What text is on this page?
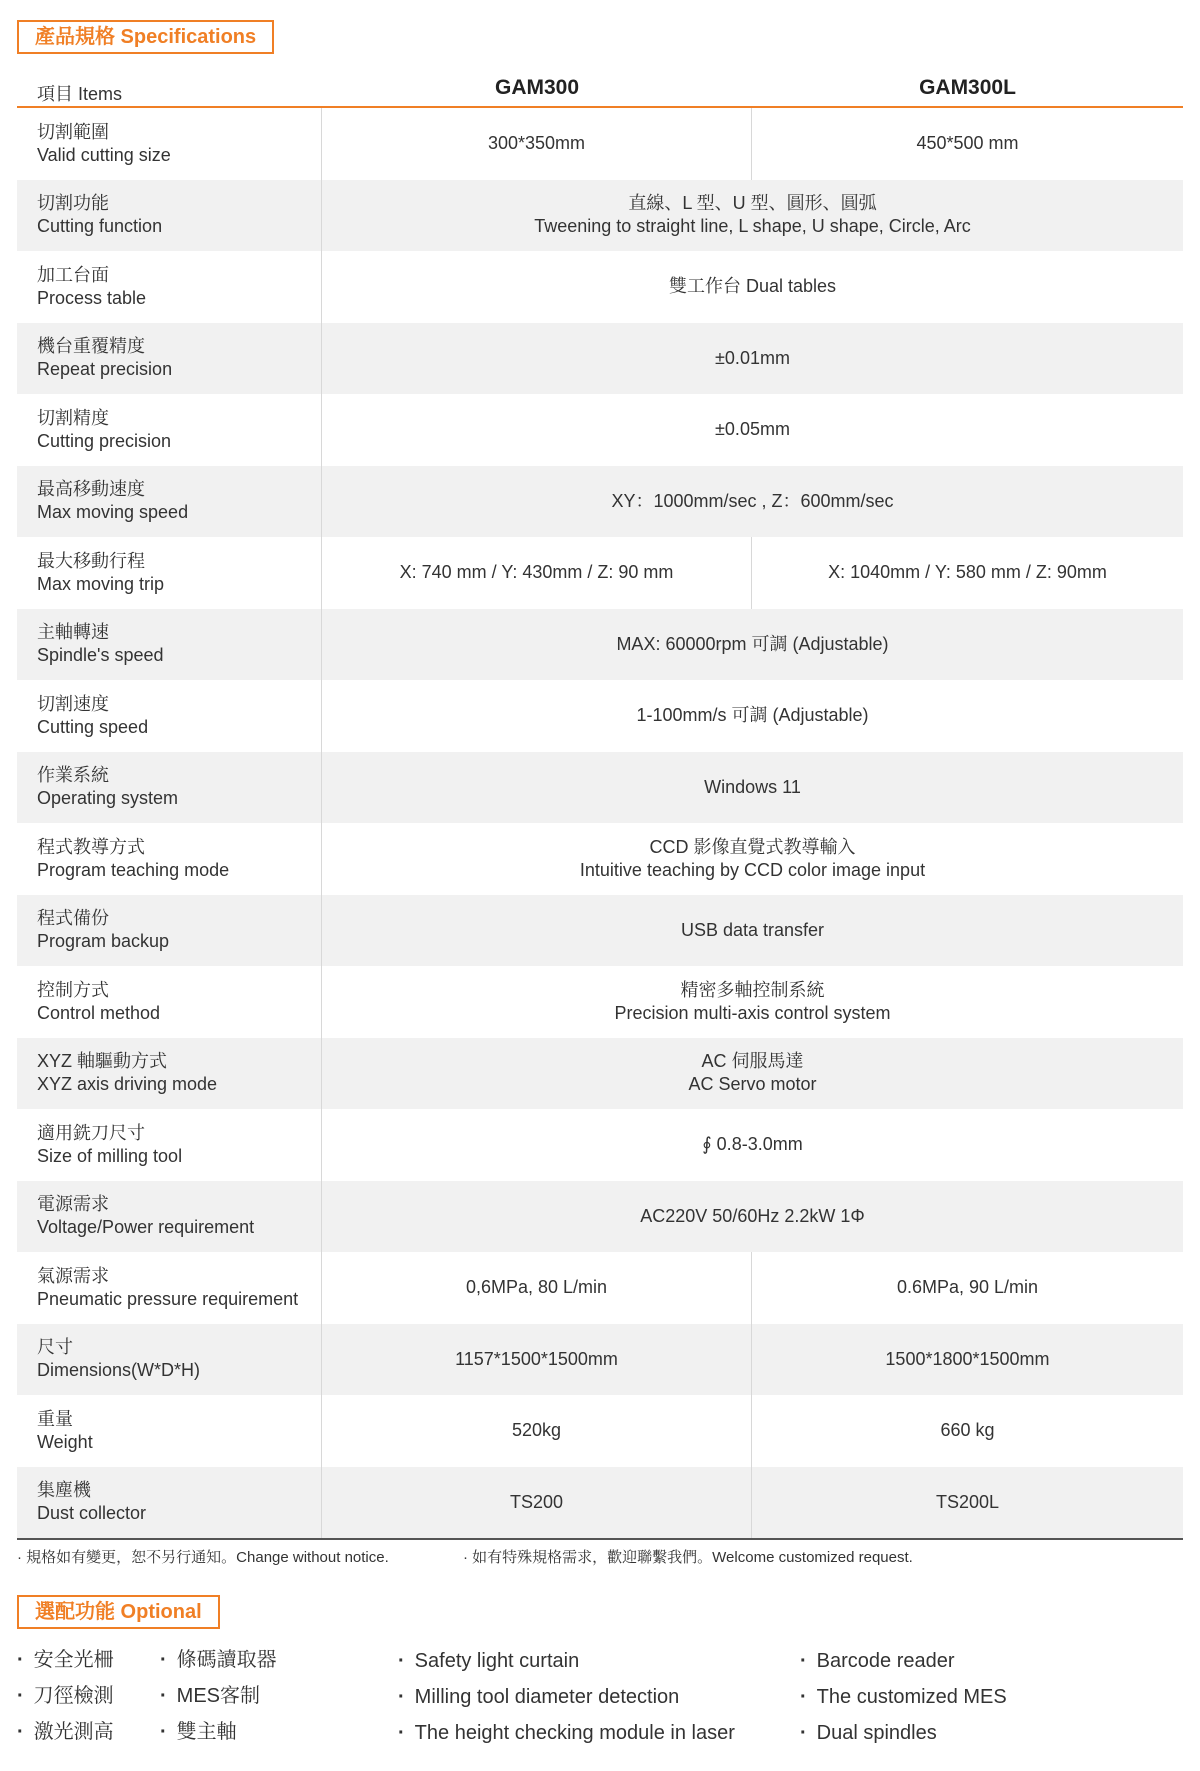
產品規格 Specifications
項目 Items	GAM300	GAM300L
切割範圍
Valid cutting size
300*350mm	450*500 mm
切割功能
Cutting function
直線、L 型、U 型、圓形、圓弧
Tweening to straight line, L shape, U shape, Circle, Arc
加工台面
Process table
雙工作台 Dual tables
機台重覆精度
Repeat precision
±0.01mm
切割精度
Cutting precision
±0.05mm
最高移動速度
Max moving speed
XY：1000mm/sec , Z：600mm/sec
最大移動行程
Max moving trip
X: 740 mm / Y: 430mm / Z: 90 mm	X: 1040mm / Y: 580 mm / Z: 90mm
主軸轉速
Spindle's speed
MAX: 60000rpm 可調 (Adjustable)
切割速度
Cutting speed
1-100mm/s 可調 (Adjustable)
作業系統
Operating system
Windows 11
程式教導方式
Program teaching mode
CCD 影像直覺式教導輸入
Intuitive teaching by CCD color image input
程式備份
Program backup
USB data transfer
控制方式
Control method
精密多軸控制系統
Precision multi-axis control system
XYZ 軸驅動方式
XYZ axis driving mode
AC 伺服馬達
AC Servo motor
適用銑刀尺寸
Size of milling tool
∮ 0.8-3.0mm
電源需求
Voltage/Power requirement
AC220V 50/60Hz 2.2kW 1Φ
氣源需求
Pneumatic pressure requirement
0,6MPa, 80 L/min	0.6MPa, 90 L/min
尺寸
Dimensions(W*D*H)
1157*1500*1500mm	1500*1800*1500mm
重量
Weight
520kg	660 kg
集塵機
Dust collector
TS200	TS200L
· 規格如有變更，恕不另行通知。Change without notice.	· 如有特殊規格需求，歡迎聯繫我們。Welcome customized request.
選配功能 Optional
· 安全光柵
· 刀徑檢測
· 激光測高
· 條碼讀取器
· MES客制
· 雙主軸
· Safety light curtain
· Milling tool diameter detection
· The height checking module in laser
· Barcode reader
· The customized MES
· Dual spindles
